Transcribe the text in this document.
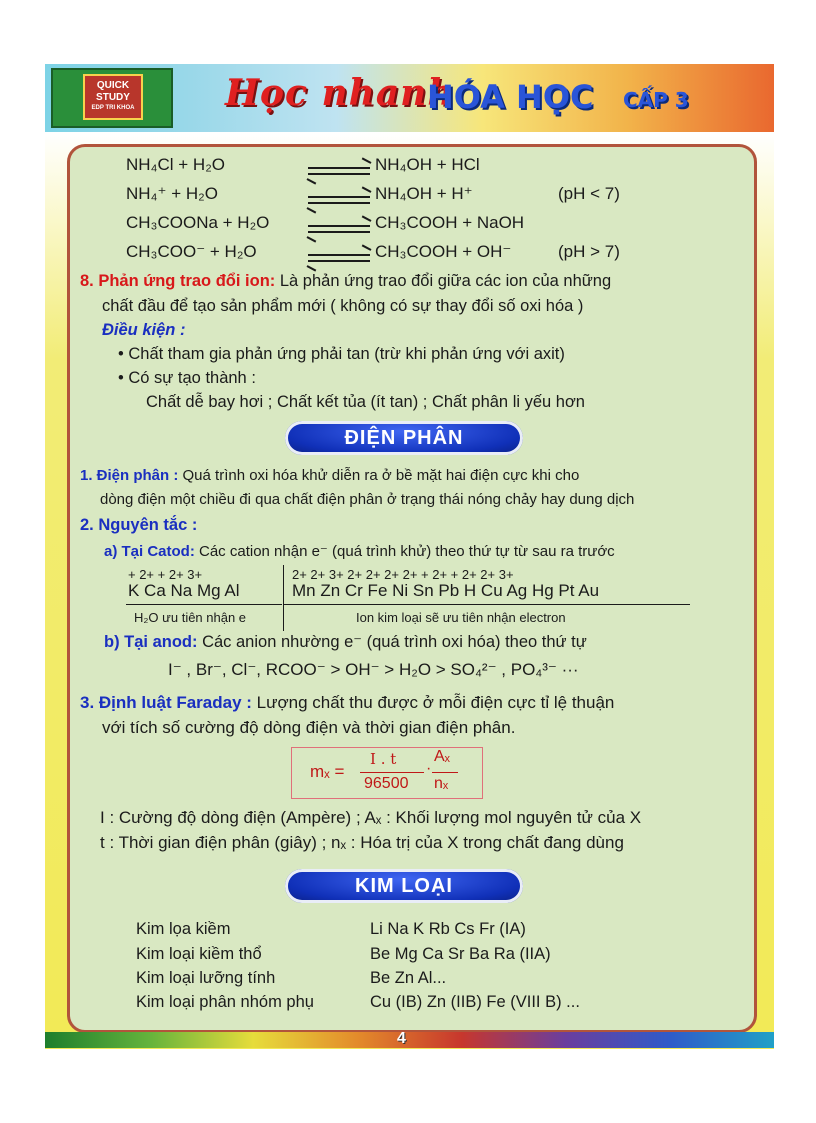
QUICK
STUDY
EDP TRI KHOA	Học nhanh
HÓA HỌC CẤP 3
NH₄Cl + H₂O	NH₄OH + HCl
NH₄⁺ + H₂O	NH₄OH + H⁺	(pH < 7)
CH₃COONa + H₂O	CH₃COOH + NaOH
CH₃COO⁻ + H₂O	CH₃COOH + OH⁻	(pH > 7)
8. Phản ứng trao đổi ion: Là phản ứng trao đổi giữa các ion của những
chất đầu để tạo sản phẩm mới ( không có sự thay đổi số oxi hóa )
Điều kiện :
• Chất tham gia phản ứng phải tan (trừ khi phản ứng với axit)
• Có sự tạo thành :
Chất dễ bay hơi ; Chất kết tủa (ít tan) ; Chất phân li yếu hơn
ĐIỆN PHÂN
1. Điện phân : Quá trình oxi hóa khử diễn ra ở bề mặt hai điện cực khi cho
dòng điện một chiều đi qua chất điện phân ở trạng thái nóng chảy hay dung dịch
2. Nguyên tắc :
a) Tại Catod: Các cation nhận e⁻ (quá trình khử) theo thứ tự từ sau ra trước
+ 2+ + 2+ 3+
K Ca Na Mg Al
2+ 2+ 3+ 2+ 2+ 2+ 2+ + 2+ + 2+ 2+ 3+
Mn Zn Cr Fe Ni Sn Pb H Cu Ag Hg Pt Au
H₂O ưu tiên nhận e	Ion kim loại sẽ ưu tiên nhận electron
b) Tại anod: Các anion nhường e⁻ (quá trình oxi hóa) theo thứ tự
I⁻ , Br⁻, Cl⁻, RCOO⁻ > OH⁻ > H₂O > SO₄²⁻ , PO₄³⁻ ···
3. Định luật Faraday : Lượng chất thu được ở mỗi điện cực tỉ lệ thuận
với tích số cường độ dòng điện và thời gian điện phân.
mₓ =
I . t
96500
·
Aₓ
nₓ
I : Cường độ dòng điện (Ampère) ; Aₓ : Khối lượng mol nguyên tử của X
t : Thời gian điện phân (giây) ; nₓ : Hóa trị của X trong chất đang dùng
KIM LOẠI
Kim lọa kiềm	Li Na K Rb Cs Fr (IA)
Kim loại kiềm thổ	Be Mg Ca Sr Ba Ra (IIA)
Kim loại lưỡng tính	Be Zn Al...
Kim loại phân nhóm phụ	Cu (IB) Zn (IIB) Fe (VIII B) ...
4
